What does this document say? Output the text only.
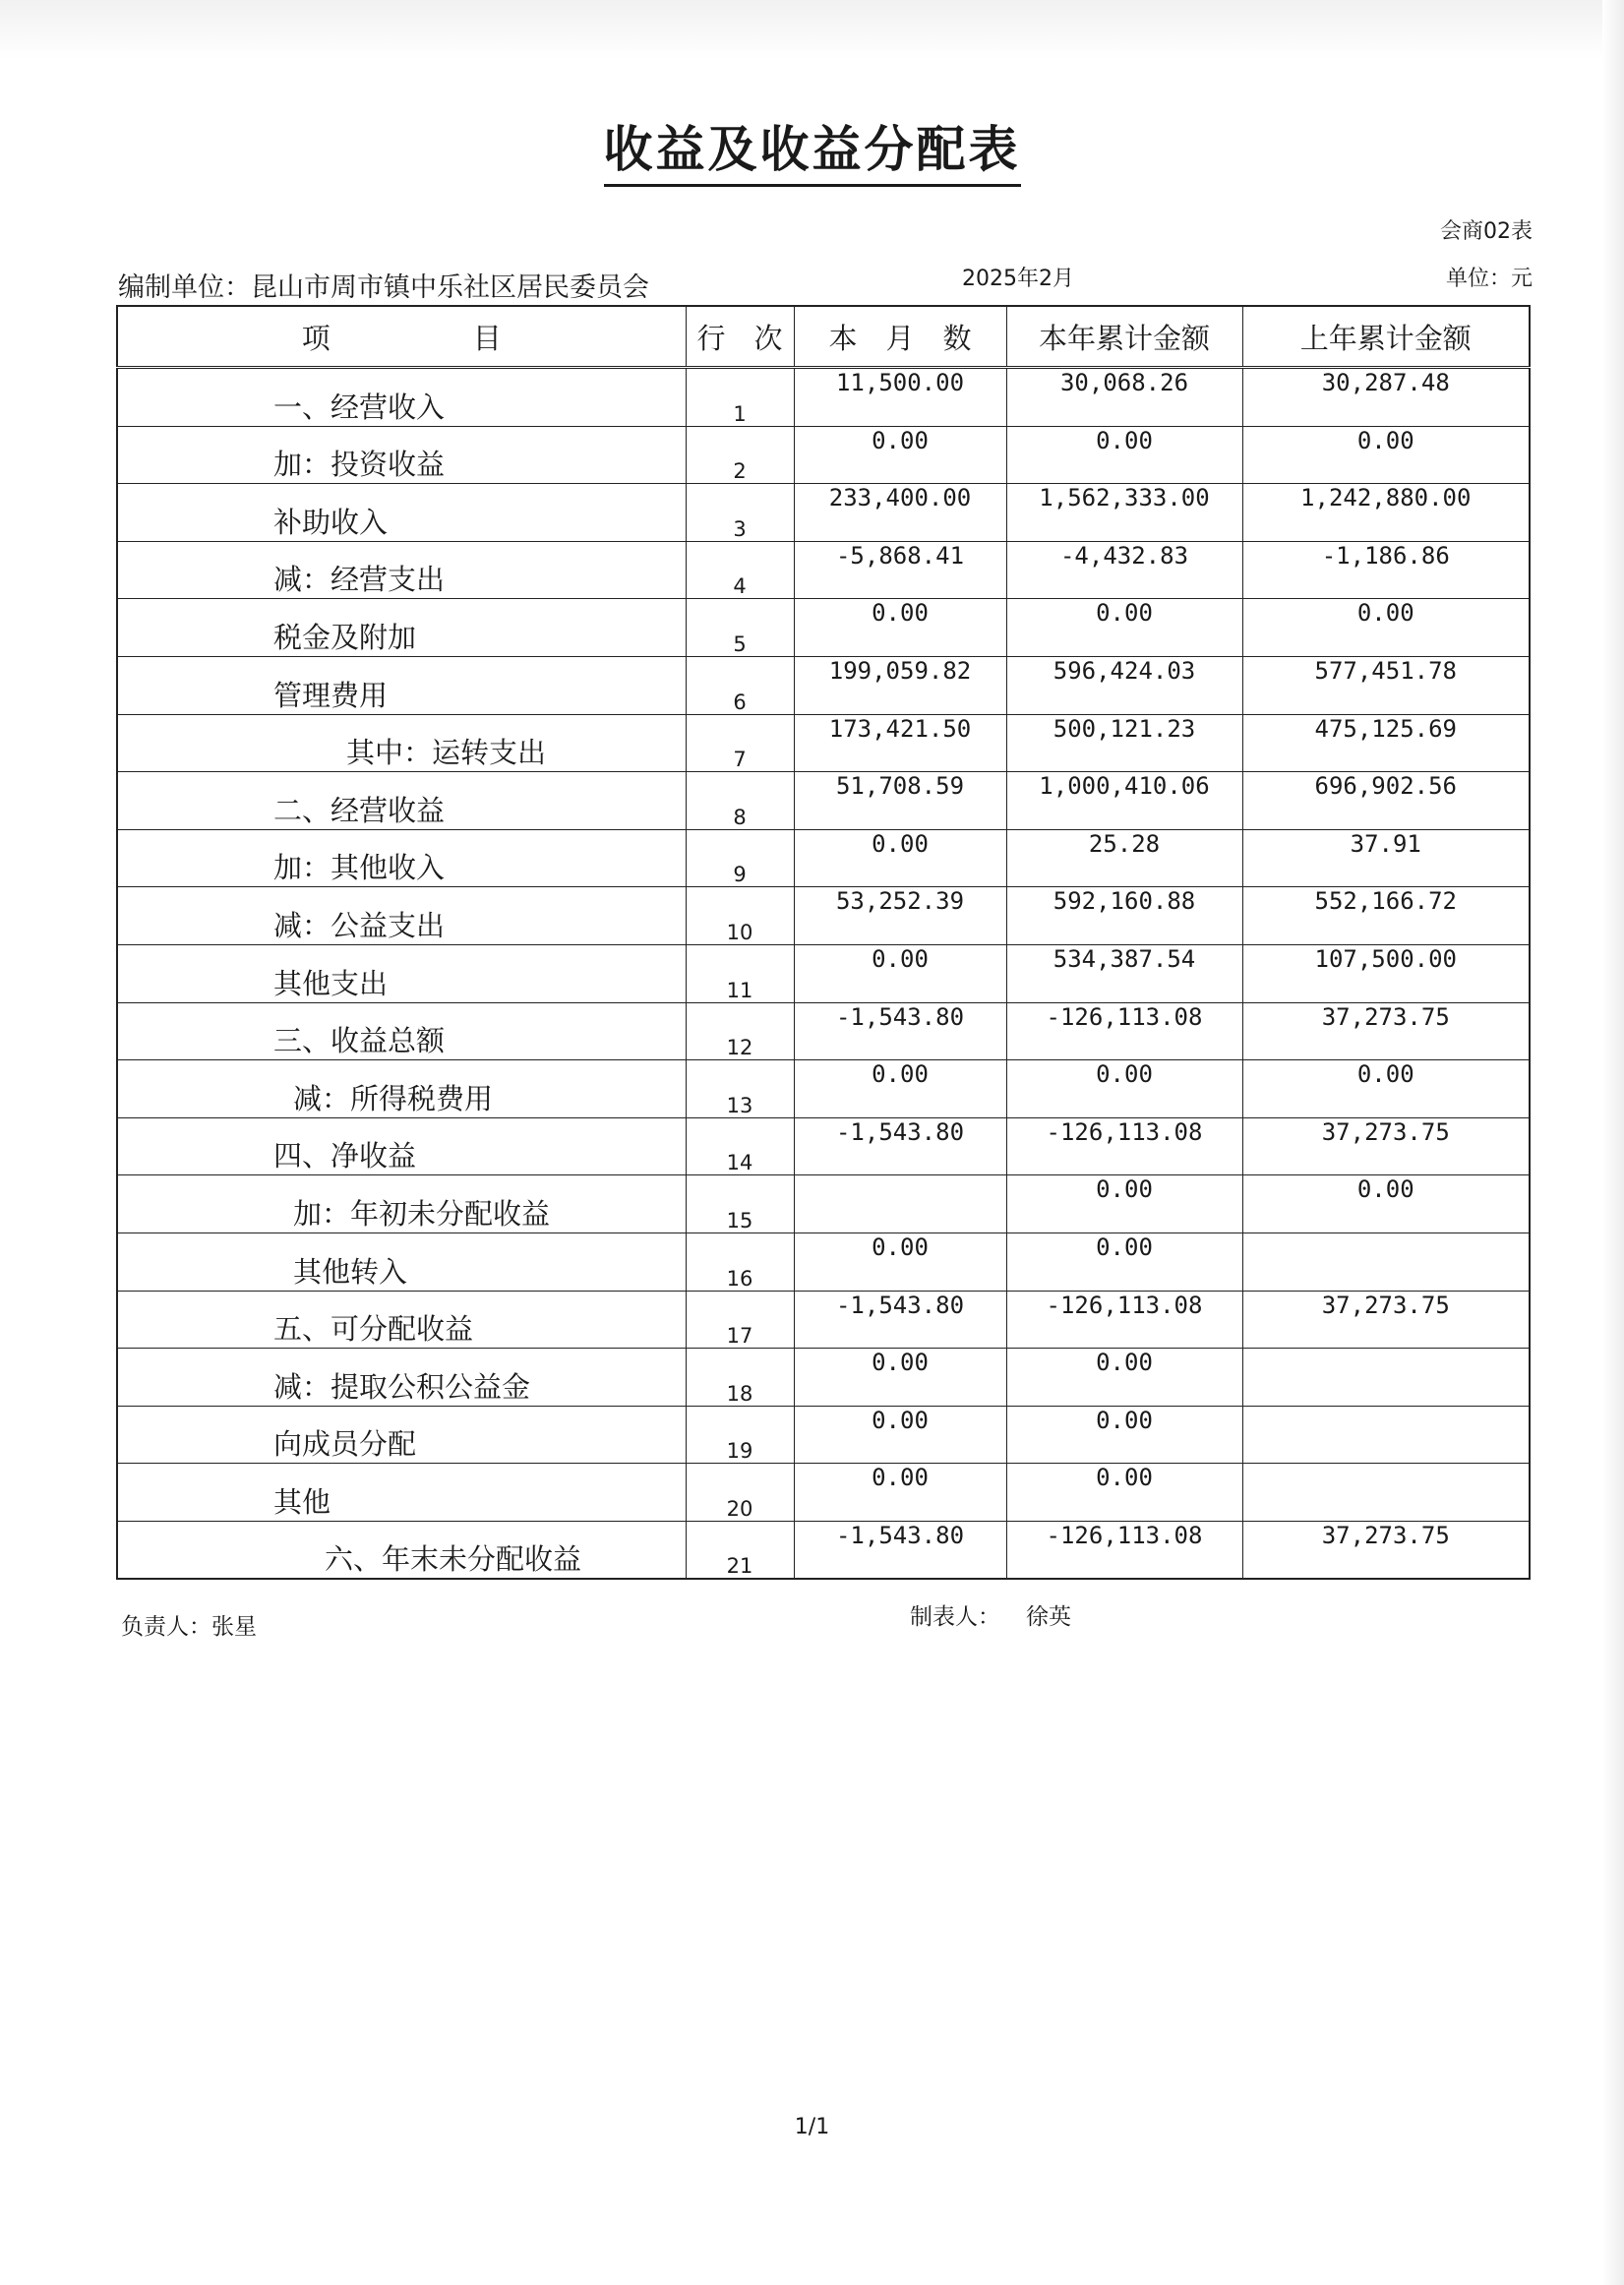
收益及收益分配表
会商02表
编制单位：昆山市周市镇中乐社区居民委员会	2025年2月	单位：元
项　　　　　目	行　次	本　月　数	本年累计金额	上年累计金额
一、经营收入	1	11,500.00	30,068.26	30,287.48
加：投资收益	2	0.00	0.00	0.00
补助收入	3	233,400.00	1,562,333.00	1,242,880.00
减：经营支出	4	-5,868.41	-4,432.83	-1,186.86
税金及附加	5	0.00	0.00	0.00
管理费用	6	199,059.82	596,424.03	577,451.78
其中：运转支出	7	173,421.50	500,121.23	475,125.69
二、经营收益	8	51,708.59	1,000,410.06	696,902.56
加：其他收入	9	0.00	25.28	37.91
减：公益支出	10	53,252.39	592,160.88	552,166.72
其他支出	11	0.00	534,387.54	107,500.00
三、收益总额	12	-1,543.80	-126,113.08	37,273.75
减：所得税费用	13	0.00	0.00	0.00
四、净收益	14	-1,543.80	-126,113.08	37,273.75
加：年初未分配收益	15		0.00	0.00
其他转入	16	0.00	0.00	
五、可分配收益	17	-1,543.80	-126,113.08	37,273.75
减：提取公积公益金	18	0.00	0.00	
向成员分配	19	0.00	0.00	
其他	20	0.00	0.00	
六、年末未分配收益	21	-1,543.80	-126,113.08	37,273.75
负责人：张星	制表人： 徐英
1/1
